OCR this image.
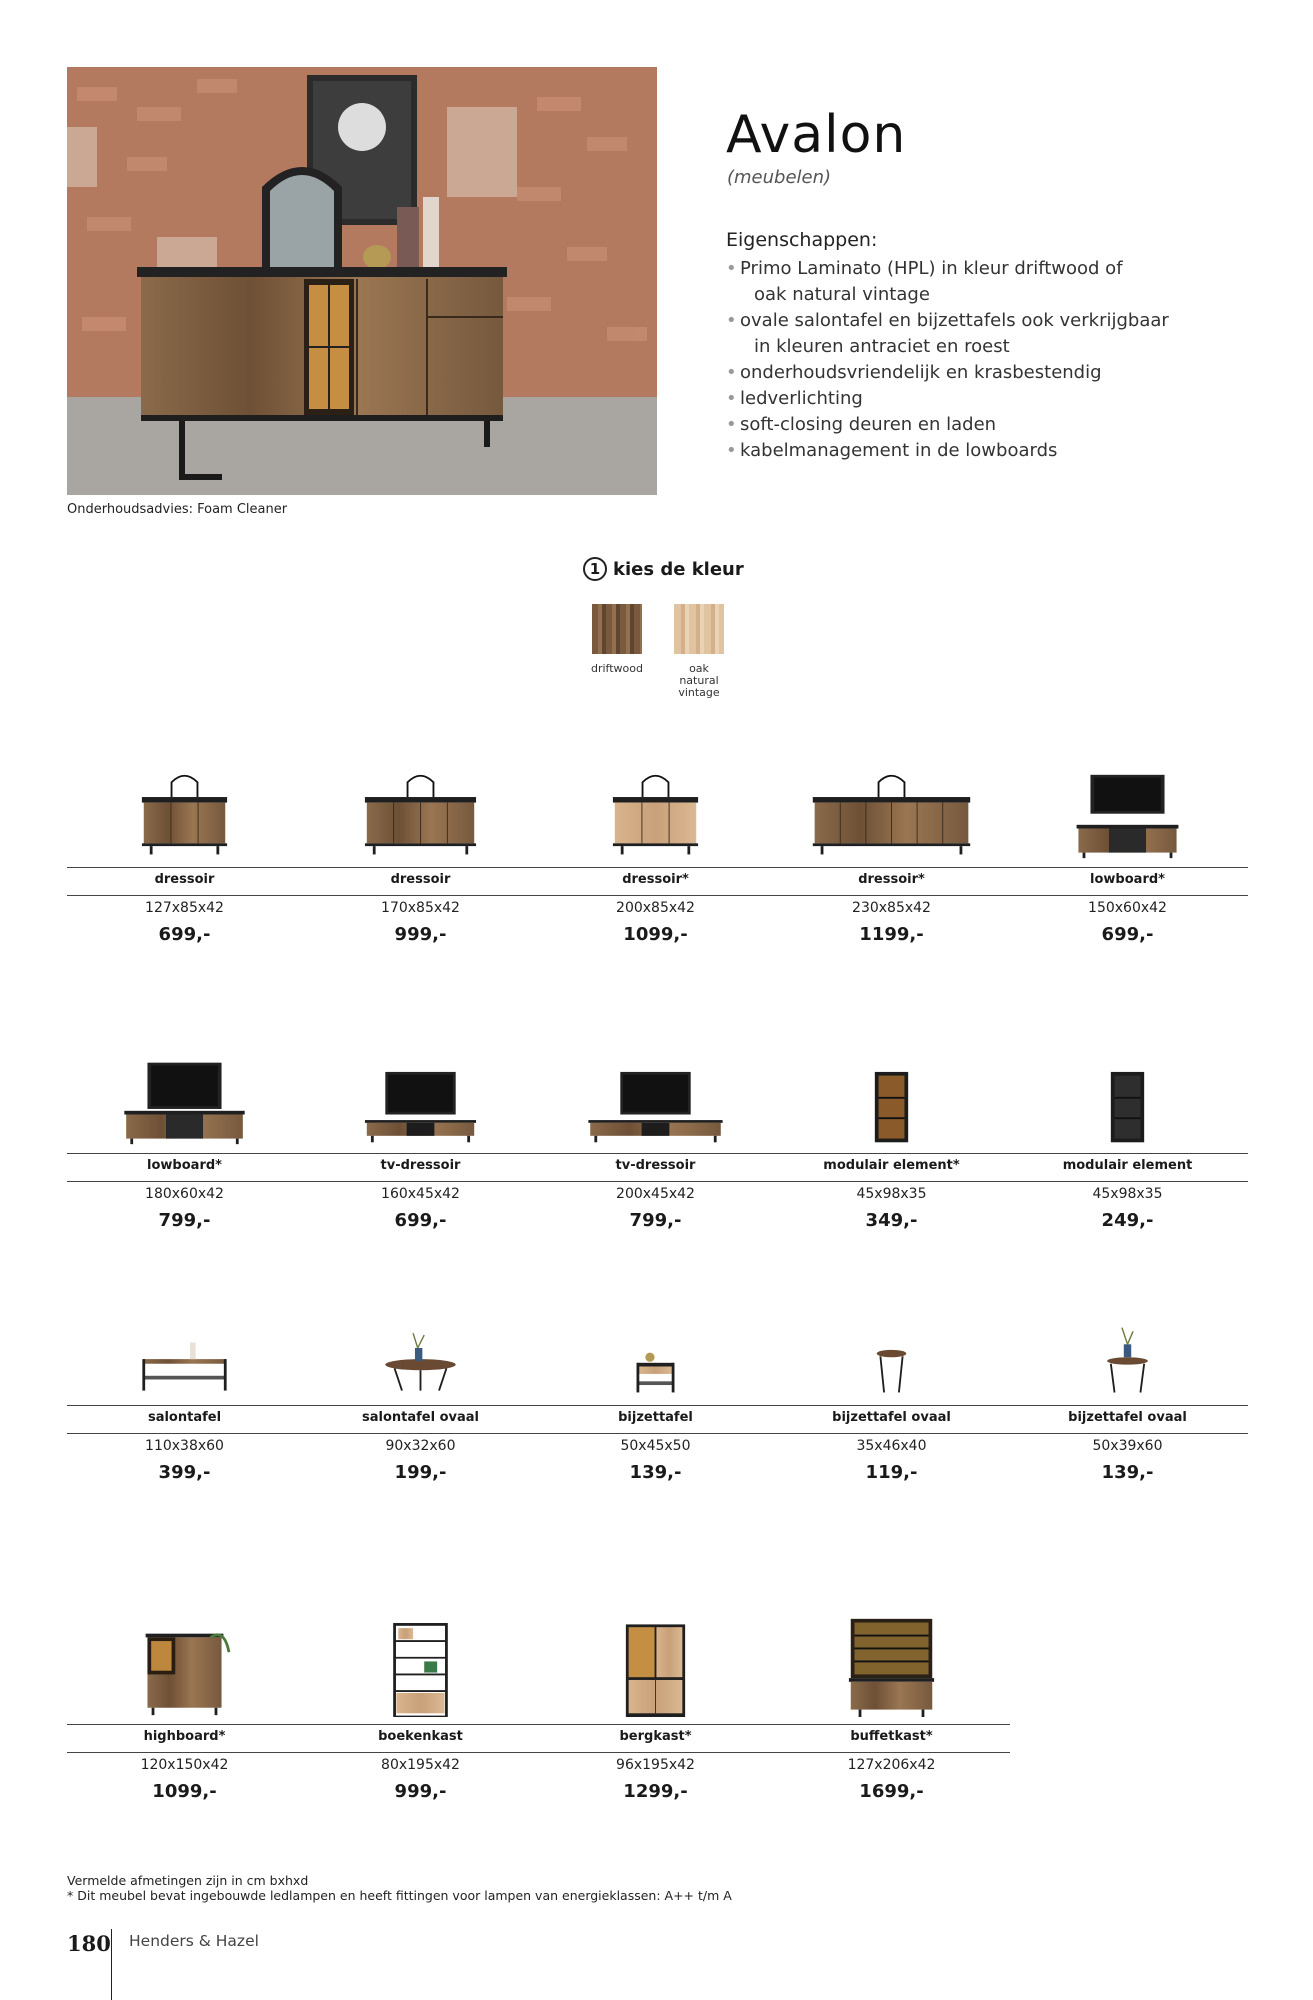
Onderhoudsadvies: Foam Cleaner
Avalon
(meubelen)
Eigenschappen:
• Primo Laminato (HPL) in kleur driftwood of
oak natural vintage
• ovale salontafel en bijzettafels ook verkrijgbaar
in kleuren antraciet en roest
• onderhoudsvriendelijk en krasbestendig
• ledverlichting
• soft-closing deuren en laden
• kabelmanagement in de lowboards
1 kies de kleur
driftwood	oak natural vintage
dressoir
127x85x42
699,-
dressoir
170x85x42
999,-
dressoir*
200x85x42
1099,-
dressoir*
230x85x42
1199,-
lowboard*
150x60x42
699,-
lowboard*
180x60x42
799,-
tv-dressoir
160x45x42
699,-
tv-dressoir
200x45x42
799,-
modulair element*
45x98x35
349,-
modulair element
45x98x35
249,-
salontafel
110x38x60
399,-
salontafel ovaal
90x32x60
199,-
bijzettafel
50x45x50
139,-
bijzettafel ovaal
35x46x40
119,-
bijzettafel ovaal
50x39x60
139,-
highboard*
120x150x42
1099,-
boekenkast
80x195x42
999,-
bergkast*
96x195x42
1299,-
buffetkast*
127x206x42
1699,-
Vermelde afmetingen zijn in cm bxhxd
* Dit meubel bevat ingebouwde ledlampen en heeft fittingen voor lampen van energieklassen: A++ t/m A
180 Henders & Hazel
